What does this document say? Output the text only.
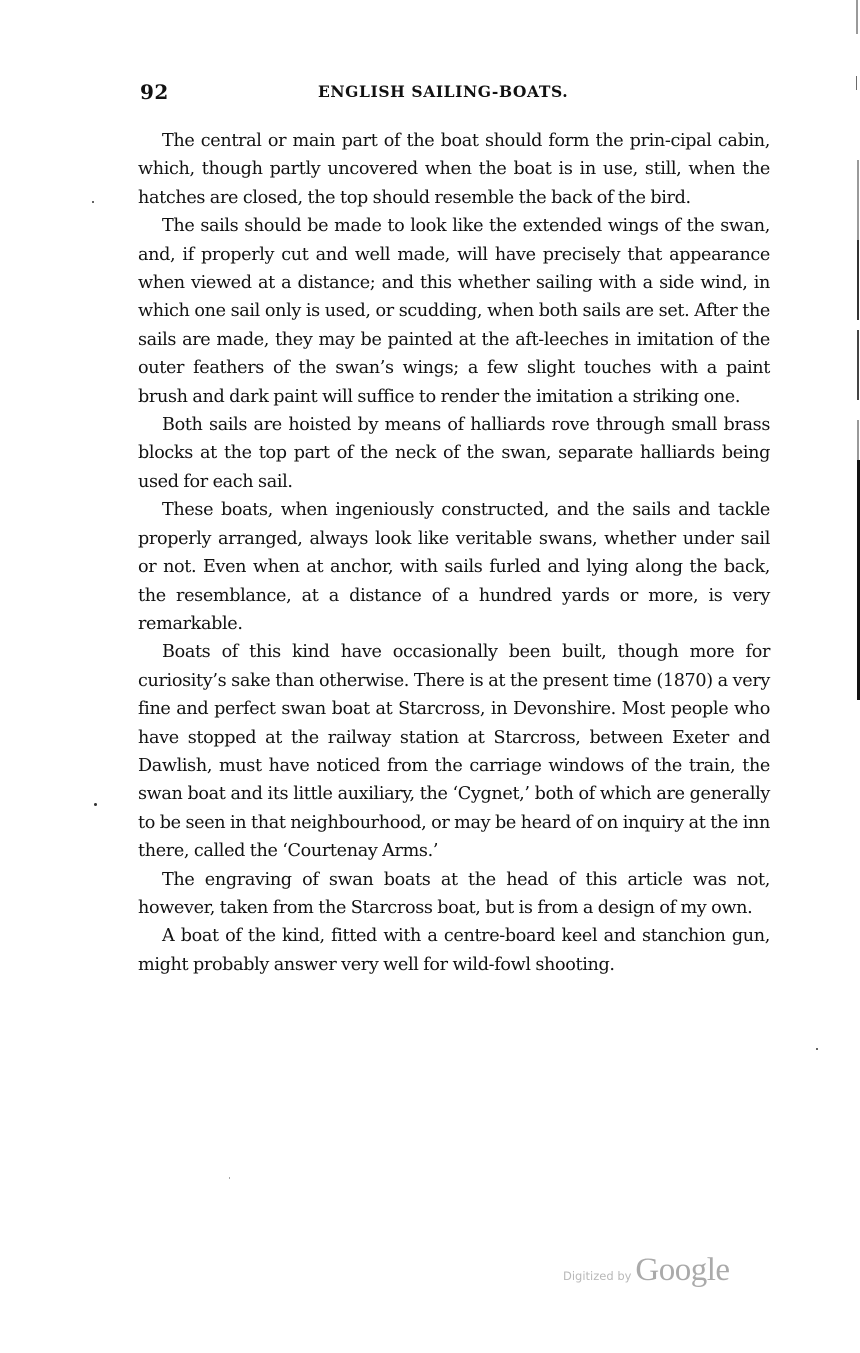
92	ENGLISH SAILING-BOATS.

The central or main part of the boat should form the prin-cipal cabin, which, though partly uncovered when the boat is in use, still, when the hatches are closed, the top should resemble the back of the bird.

The sails should be made to look like the extended wings of the swan, and, if properly cut and well made, will have precisely that appearance when viewed at a distance; and this whether sailing with a side wind, in which one sail only is used, or scudding, when both sails are set. After the sails are made, they may be painted at the aft-leeches in imitation of the outer feathers of the swan’s wings; a few slight touches with a paint brush and dark paint will suffice to render the imitation a striking one.

Both sails are hoisted by means of halliards rove through small brass blocks at the top part of the neck of the swan, separate halliards being used for each sail.

These boats, when ingeniously constructed, and the sails and tackle properly arranged, always look like veritable swans, whether under sail or not. Even when at anchor, with sails furled and lying along the back, the resemblance, at a distance of a hundred yards or more, is very remarkable.

Boats of this kind have occasionally been built, though more for curiosity’s sake than otherwise. There is at the present time (1870) a very fine and perfect swan boat at Starcross, in Devonshire. Most people who have stopped at the railway station at Starcross, between Exeter and Dawlish, must have noticed from the carriage windows of the train, the swan boat and its little auxiliary, the ‘Cygnet,’ both of which are generally to be seen in that neighbourhood, or may be heard of on inquiry at the inn there, called the ‘Courtenay Arms.’

The engraving of swan boats at the head of this article was not, however, taken from the Starcross boat, but is from a design of my own.

A boat of the kind, fitted with a centre-board keel and stanchion gun, might probably answer very well for wild-fowl shooting.

Digitized by Google
